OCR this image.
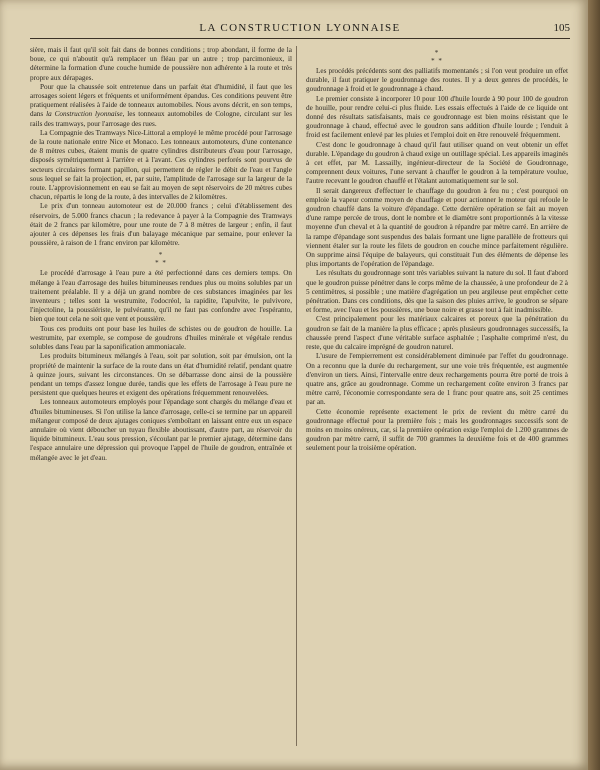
LA CONSTRUCTION LYONNAISE	105

sière, mais il faut qu'il soit fait dans de bonnes conditions ; trop abondant, il forme de la boue, ce qui n'aboutit qu'à remplacer un fléau par un autre ; trop parcimonieux, il détermine la formation d'une couche humide de poussière non adhérente à la route et très propre aux dérapages.

Pour que la chaussée soit entretenue dans un parfait état d'humidité, il faut que les arrosages soient légers et fréquents et uniformément épandus. Ces conditions peuvent être pratiquement réalisées à l'aide de tonneaux automobiles. Nous avons décrit, en son temps, dans la Construction lyonnaise, les tonneaux automobiles de Cologne, circulant sur les rails des tramways, pour l'arrosage des rues.

La Compagnie des Tramways Nice-Littoral a employé le même procédé pour l'arrosage de la route nationale entre Nice et Monaco. Les tonneaux automoteurs, d'une contenance de 8 mètres cubes, étaient munis de quatre cylindres distributeurs d'eau pour l'arrosage, disposés symétriquement à l'arrière et à l'avant. Ces cylindres perforés sont pourvus de secteurs circulaires formant papillon, qui permettent de régler le débit de l'eau et l'angle sous lequel se fait la projection, et, par suite, l'amplitude de l'arrosage sur la largeur de la route. L'approvisionnement en eau se fait au moyen de sept réservoirs de 20 mètres cubes chacun, répartis le long de la route, à des intervalles de 2 kilomètres.

Le prix d'un tonneau automoteur est de 20.000 francs ; celui d'établissement des réservoirs, de 5.000 francs chacun ; la redevance à payer à la Compagnie des Tramways était de 2 francs par kilomètre, pour une route de 7 à 8 mètres de largeur ; enfin, il faut ajouter à ces dépenses les frais d'un balayage mécanique par semaine, pour enlever la poussière, à raison de 1 franc environ par kilomètre.

*
* *

Le procédé d'arrosage à l'eau pure a été perfectionné dans ces derniers temps. On mélange à l'eau d'arrosage des huiles bitumineuses rendues plus ou moins solubles par un traitement préalable. Il y a déjà un grand nombre de ces substances imaginées par les inventeurs ; telles sont la westrumite, l'odocréol, la rapidite, l'apulvite, le pulvivore, l'injectoline, la poussiériste, le pulvéranto, qu'il ne faut pas confondre avec l'espéranto, bien que tout cela ne soit que vent et poussière.

Tous ces produits ont pour base les huiles de schistes ou de goudron de houille. La westrumite, par exemple, se compose de goudrons d'huiles minérale et végétale rendus solubles dans l'eau par la saponification ammoniacale.

Les produits bitumineux mélangés à l'eau, soit par solution, soit par émulsion, ont la propriété de maintenir la surface de la route dans un état d'humidité relatif, pendant quatre à quinze jours, suivant les circonstances. On se débarrasse donc ainsi de la poussière pendant un temps d'assez longue durée, tandis que les effets de l'arrosage à l'eau pure ne persistent que quelques heures et exigent des opérations fréquemment renouvelées.

Les tonneaux automoteurs employés pour l'épandage sont chargés du mélange d'eau et d'huiles bitumineuses. Si l'on utilise la lance d'arrosage, celle-ci se termine par un appareil mélangeur composé de deux ajutages coniques s'emboîtant en laissant entre eux un espace annulaire où vient déboucher un tuyau flexible aboutissant, d'autre part, au réservoir du liquide bitumineux. L'eau sous pression, s'écoulant par le premier ajutage, détermine dans l'espace annulaire une dépression qui provoque l'appel de l'huile de goudron, entraînée et mélangée avec le jet d'eau.

*
* *

Les procédés précédents sont des palliatifs momentanés ; si l'on veut produire un effet durable, il faut pratiquer le goudronnage des routes. Il y a deux genres de procédés, le goudronnage à froid et le goudronnage à chaud.

Le premier consiste à incorporer 10 pour 100 d'huile lourde à 90 pour 100 de goudron de houille, pour rendre celui-ci plus fluide. Les essais effectués à l'aide de ce liquide ont donné des résultats satisfaisants, mais ce goudronnage est bien moins résistant que le goudronnage à chaud, effectué avec le goudron sans addition d'huile lourde ; l'enduit à froid est facilement enlevé par les pluies et l'emploi doit en être renouvelé fréquemment.

C'est donc le goudronnage à chaud qu'il faut utiliser quand on veut obtenir un effet durable. L'épandage du goudron à chaud exige un outillage spécial. Les appareils imaginés à cet effet, par M. Lassailly, ingénieur-directeur de la Société de Goudronnage, comprennent deux voitures, l'une servant à chauffer le goudron à la température voulue, l'autre recevant le goudron chauffé et l'étalant automatiquement sur le sol.

Il serait dangereux d'effectuer le chauffage du goudron à feu nu ; c'est pourquoi on emploie la vapeur comme moyen de chauffage et pour actionner le moteur qui refoule le goudron chauffé dans la voiture d'épandage. Cette dernière opération se fait au moyen d'une rampe percée de trous, dont le nombre et le diamètre sont proportionnés à la vitesse moyenne d'un cheval et à la quantité de goudron à répandre par mètre carré. En arrière de la rampe d'épandage sont suspendus des balais formant une ligne parallèle de frotteurs qui viennent étaler sur la route les filets de goudron en couche mince parfaitement régulière. On supprime ainsi l'équipe de balayeurs, qui constituait l'un des éléments de dépense les plus importants de l'opération de l'épandage.

Les résultats du goudronnage sont très variables suivant la nature du sol. Il faut d'abord que le goudron puisse pénétrer dans le corps même de la chaussée, à une profondeur de 2 à 5 centimètres, si possible ; une matière d'agrégation un peu argileuse peut empêcher cette pénétration. Dans ces conditions, dès que la saison des pluies arrive, le goudron se sépare et forme, avec l'eau et les poussières, une boue noire et grasse tout à fait inadmissible.

C'est principalement pour les matériaux calcaires et poreux que la pénétration du goudron se fait de la manière la plus efficace ; après plusieurs goudronnages successifs, la chaussée prend l'aspect d'une véritable surface asphaltée ; l'asphalte comprimé n'est, du reste, que du calcaire imprégné de goudron naturel.

L'usure de l'empierrement est considérablement diminuée par l'effet du goudronnage. On a reconnu que la durée du rechargement, sur une voie très fréquentée, est augmentée d'environ un tiers. Ainsi, l'intervalle entre deux rechargements pourra être porté de trois à quatre ans, grâce au goudronnage. Comme un rechargement coûte environ 3 francs par mètre carré, l'économie correspondante sera de 1 franc pour quatre ans, soit 25 centimes par an.

Cette économie représente exactement le prix de revient du mètre carré du goudronnage effectué pour la première fois ; mais les goudronnages successifs sont de moins en moins onéreux, car, si la première opération exige l'emploi de 1.200 grammes de goudron par mètre carré, il suffit de 700 grammes la deuxième fois et de 400 grammes seulement pour la troisième opération.
